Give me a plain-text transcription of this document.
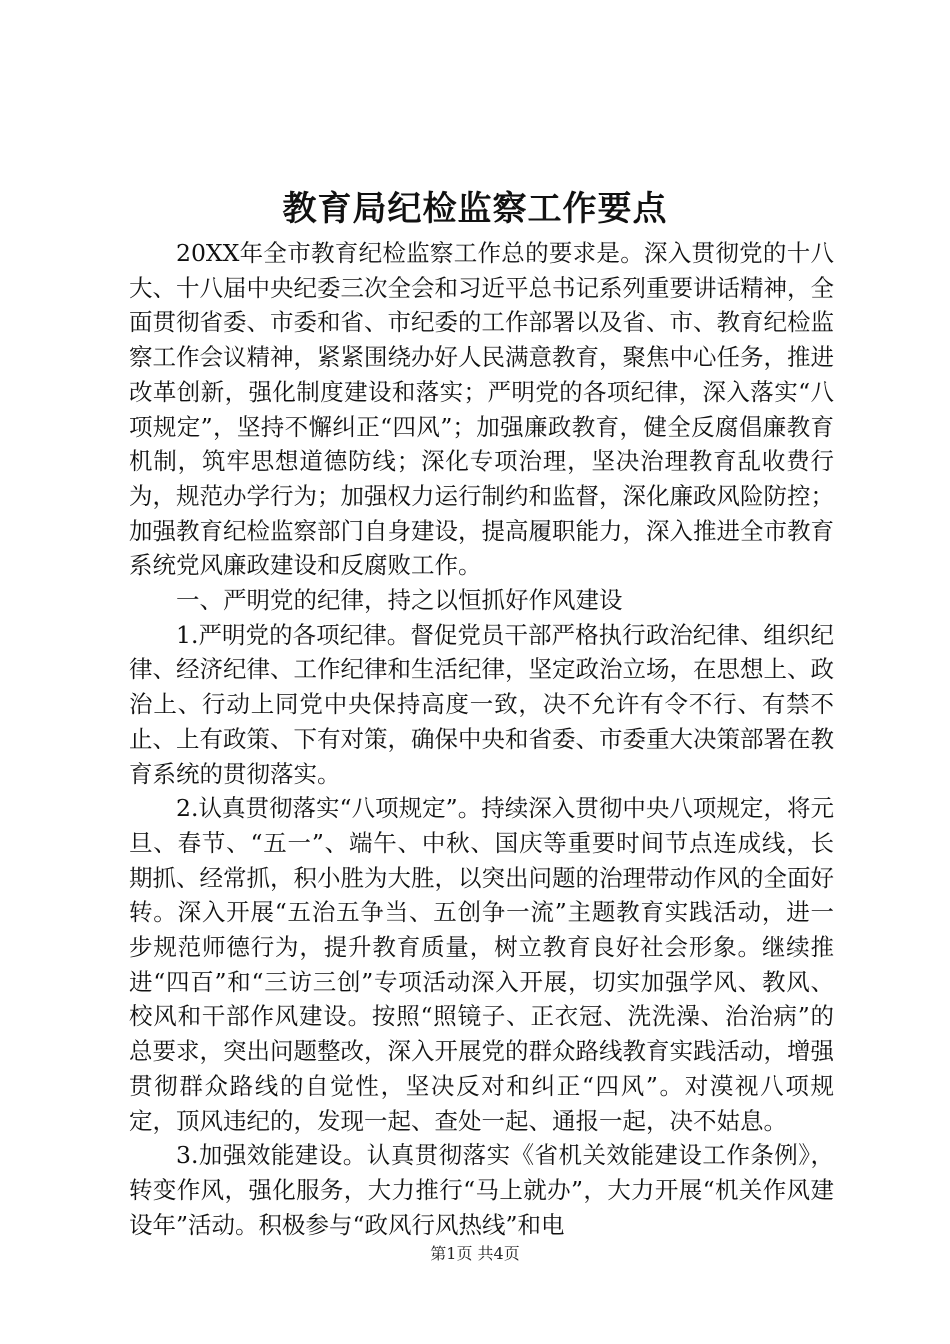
教育局纪检监察工作要点

20XX年全市教育纪检监察工作总的要求是。深入贯彻党的十八大、十八届中央纪委三次全会和习近平总书记系列重要讲话精神，全面贯彻省委、市委和省、市纪委的工作部署以及省、市、教育纪检监察工作会议精神，紧紧围绕办好人民满意教育，聚焦中心任务，推进改革创新，强化制度建设和落实；严明党的各项纪律，深入落实“八项规定”，坚持不懈纠正“四风”；加强廉政教育，健全反腐倡廉教育机制，筑牢思想道德防线；深化专项治理，坚决治理教育乱收费行为，规范办学行为；加强权力运行制约和监督，深化廉政风险防控；加强教育纪检监察部门自身建设，提高履职能力，深入推进全市教育系统党风廉政建设和反腐败工作。

一、严明党的纪律，持之以恒抓好作风建设

1.严明党的各项纪律。督促党员干部严格执行政治纪律、组织纪律、经济纪律、工作纪律和生活纪律，坚定政治立场，在思想上、政治上、行动上同党中央保持高度一致，决不允许有令不行、有禁不止、上有政策、下有对策，确保中央和省委、市委重大决策部署在教育系统的贯彻落实。

2.认真贯彻落实“八项规定”。持续深入贯彻中央八项规定，将元旦、春节、“五一”、端午、中秋、国庆等重要时间节点连成线，长期抓、经常抓，积小胜为大胜，以突出问题的治理带动作风的全面好转。深入开展“五治五争当、五创争一流”主题教育实践活动，进一步规范师德行为，提升教育质量，树立教育良好社会形象。继续推进“四百”和“三访三创”专项活动深入开展，切实加强学风、教风、校风和干部作风建设。按照“照镜子、正衣冠、洗洗澡、治治病”的总要求，突出问题整改，深入开展党的群众路线教育实践活动，增强贯彻群众路线的自觉性，坚决反对和纠正“四风”。对漠视八项规定，顶风违纪的，发现一起、查处一起、通报一起，决不姑息。

3.加强效能建设。认真贯彻落实《省机关效能建设工作条例》，转变作风，强化服务，大力推行“马上就办”，大力开展“机关作风建设年”活动。积极参与“政风行风热线”和电

第1页 共4页
